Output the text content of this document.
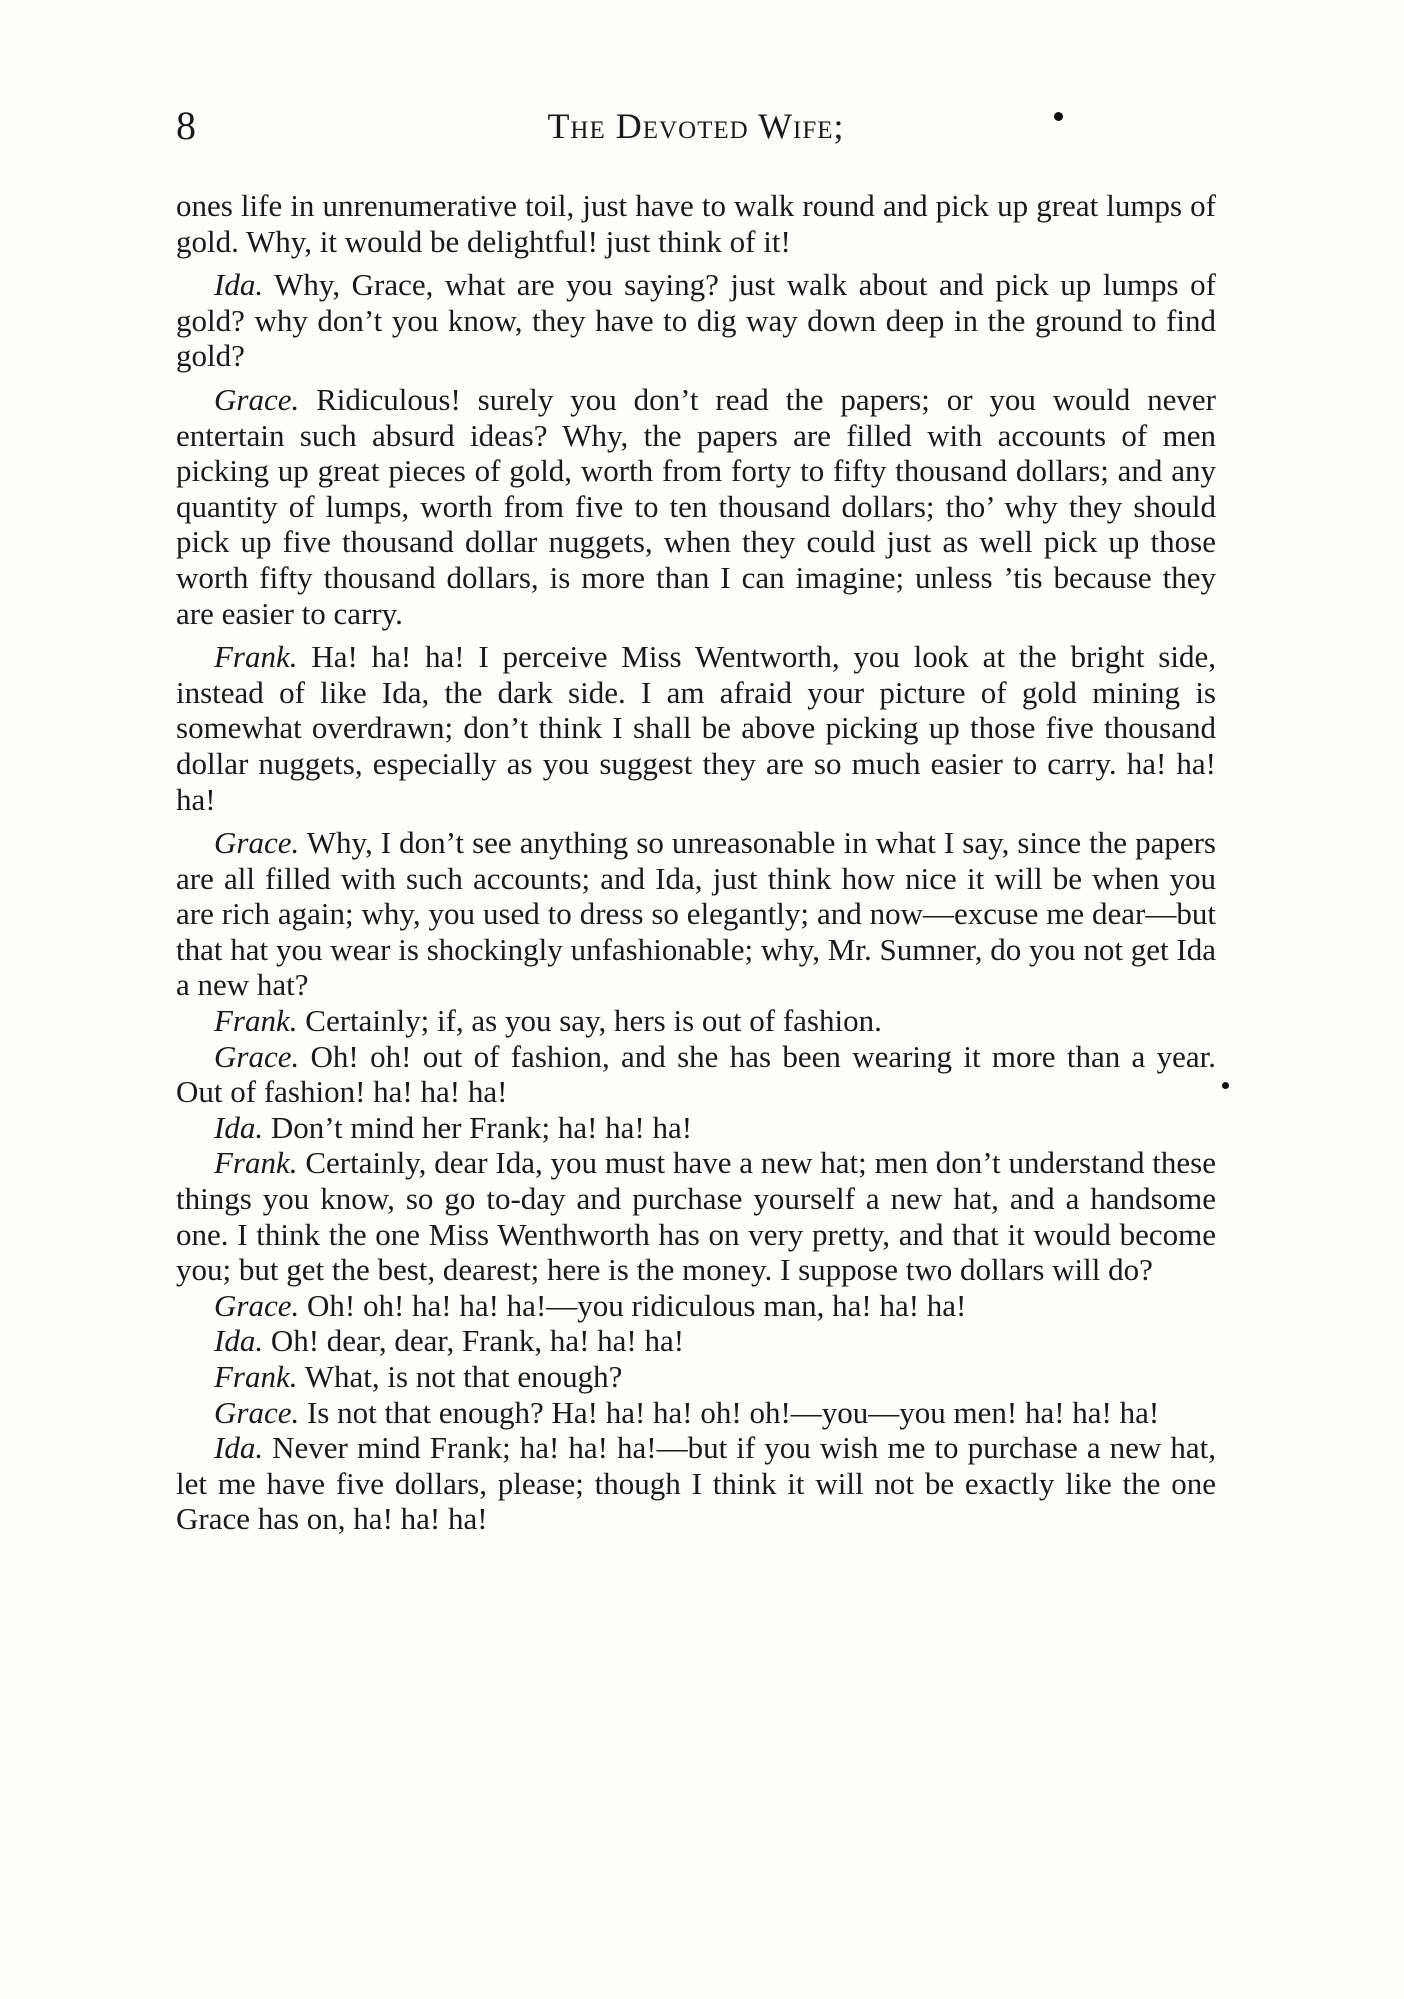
8	The Devoted Wife;

ones life in unrenumerative toil, just have to walk round and pick up great lumps of gold. Why, it would be delightful! just think of it!

Ida. Why, Grace, what are you saying? just walk about and pick up lumps of gold? why don’t you know, they have to dig way down deep in the ground to find gold?

Grace. Ridiculous! surely you don’t read the papers; or you would never entertain such absurd ideas? Why, the papers are filled with accounts of men picking up great pieces of gold, worth from forty to fifty thousand dollars; and any quantity of lumps, worth from five to ten thousand dollars; tho’ why they should pick up five thousand dollar nuggets, when they could just as well pick up those worth fifty thousand dollars, is more than I can imagine; unless ’tis because they are easier to carry.

Frank. Ha! ha! ha! I perceive Miss Wentworth, you look at the bright side, instead of like Ida, the dark side. I am afraid your picture of gold mining is somewhat overdrawn; don’t think I shall be above picking up those five thousand dollar nuggets, especially as you suggest they are so much easier to carry. ha! ha! ha!

Grace. Why, I don’t see anything so unreasonable in what I say, since the papers are all filled with such accounts; and Ida, just think how nice it will be when you are rich again; why, you used to dress so elegantly; and now—excuse me dear—but that hat you wear is shockingly unfashionable; why, Mr. Sumner, do you not get Ida a new hat?

Frank. Certainly; if, as you say, hers is out of fashion.

Grace. Oh! oh! out of fashion, and she has been wearing it more than a year. Out of fashion! ha! ha! ha!

Ida. Don’t mind her Frank; ha! ha! ha!

Frank. Certainly, dear Ida, you must have a new hat; men don’t understand these things you know, so go to-day and purchase yourself a new hat, and a handsome one. I think the one Miss Wenthworth has on very pretty, and that it would become you; but get the best, dearest; here is the money. I suppose two dollars will do?

Grace. Oh! oh! ha! ha! ha!—you ridiculous man, ha! ha! ha!

Ida. Oh! dear, dear, Frank, ha! ha! ha!

Frank. What, is not that enough?

Grace. Is not that enough? Ha! ha! ha! oh! oh!—you—you men! ha! ha! ha!

Ida. Never mind Frank; ha! ha! ha!—but if you wish me to purchase a new hat, let me have five dollars, please; though I think it will not be exactly like the one Grace has on, ha! ha! ha!
